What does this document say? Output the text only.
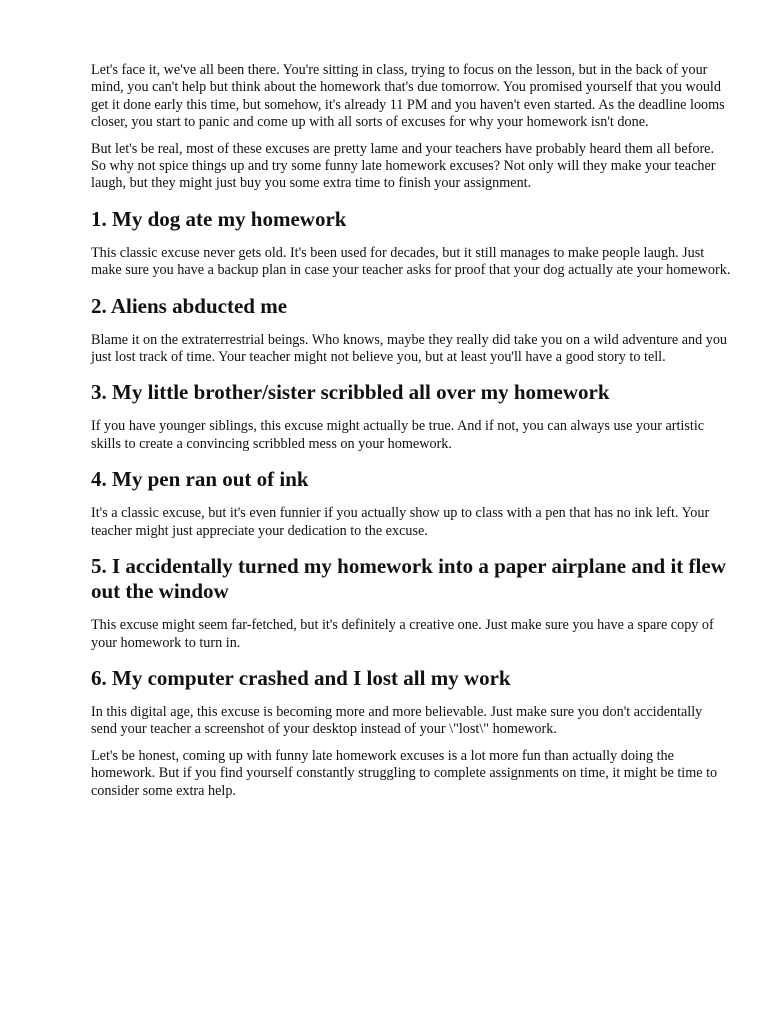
Let's face it, we've all been there. You're sitting in class, trying to focus on the lesson, but in the back of your mind, you can't help but think about the homework that's due tomorrow. You promised yourself that you would get it done early this time, but somehow, it's already 11 PM and you haven't even started. As the deadline looms closer, you start to panic and come up with all sorts of excuses for why your homework isn't done.

But let's be real, most of these excuses are pretty lame and your teachers have probably heard them all before. So why not spice things up and try some funny late homework excuses? Not only will they make your teacher laugh, but they might just buy you some extra time to finish your assignment.

1. My dog ate my homework

This classic excuse never gets old. It's been used for decades, but it still manages to make people laugh. Just make sure you have a backup plan in case your teacher asks for proof that your dog actually ate your homework.

2. Aliens abducted me

Blame it on the extraterrestrial beings. Who knows, maybe they really did take you on a wild adventure and you just lost track of time. Your teacher might not believe you, but at least you'll have a good story to tell.

3. My little brother/sister scribbled all over my homework

If you have younger siblings, this excuse might actually be true. And if not, you can always use your artistic skills to create a convincing scribbled mess on your homework.

4. My pen ran out of ink

It's a classic excuse, but it's even funnier if you actually show up to class with a pen that has no ink left. Your teacher might just appreciate your dedication to the excuse.

5. I accidentally turned my homework into a paper airplane and it flew out the window

This excuse might seem far-fetched, but it's definitely a creative one. Just make sure you have a spare copy of your homework to turn in.

6. My computer crashed and I lost all my work

In this digital age, this excuse is becoming more and more believable. Just make sure you don't accidentally send your teacher a screenshot of your desktop instead of your \"lost\" homework.

Let's be honest, coming up with funny late homework excuses is a lot more fun than actually doing the homework. But if you find yourself constantly struggling to complete assignments on time, it might be time to consider some extra help.
